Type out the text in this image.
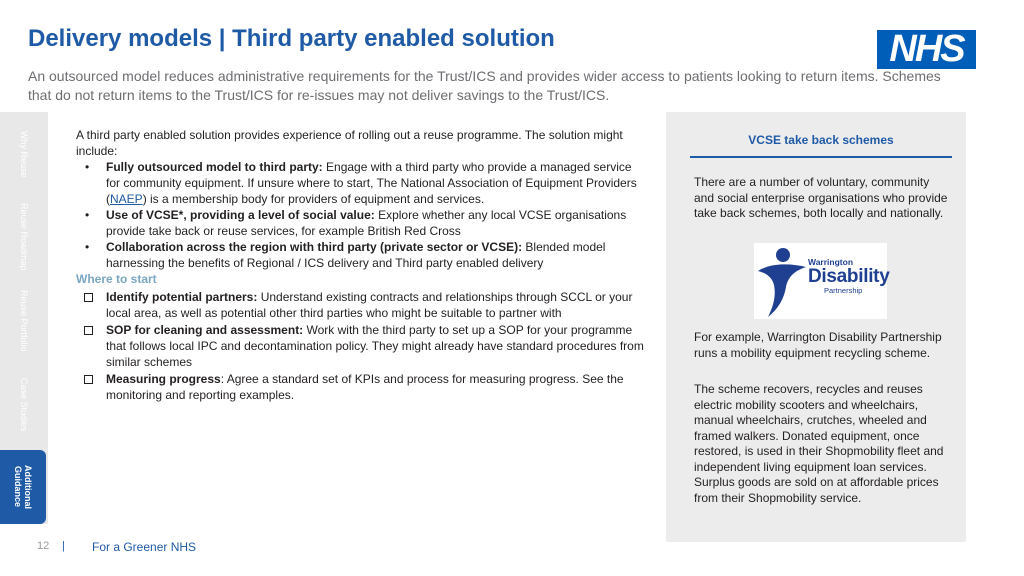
Delivery models | Third party enabled solution	NHS
An outsourced model reduces administrative requirements for the Trust/ICS and provides wider access to patients looking to return items. Schemes that do not return items to the Trust/ICS for re-issues may not deliver savings to the Trust/ICS.
Why Reuse
Reuse Roadmap
Reuse Portfolio
Case Studies
Additional Guidance

A third party enabled solution provides experience of rolling out a reuse programme. The solution might include:

• Fully outsourced model to third party: Engage with a third party who provide a managed service for community equipment. If unsure where to start, The National Association of Equipment Providers (NAEP) is a membership body for providers of equipment and services.
• Use of VCSE*, providing a level of social value: Explore whether any local VCSE organisations provide take back or reuse services, for example British Red Cross
• Collaboration across the region with third party (private sector or VCSE): Blended model harnessing the benefits of Regional / ICS delivery and Third party enabled delivery

Where to start

Identify potential partners: Understand existing contracts and relationships through SCCL or your local area, as well as potential other third parties who might be suitable to partner with
SOP for cleaning and assessment: Work with the third party to set up a SOP for your programme that follows local IPC and decontamination policy. They might already have standard procedures from similar schemes
Measuring progress: Agree a standard set of KPIs and process for measuring progress. See the monitoring and reporting examples.
VCSE take back schemes
There are a number of voluntary, community and social enterprise organisations who provide take back schemes, both locally and nationally.
Warrington
Disability
Partnership
For example, Warrington Disability Partnership runs a mobility equipment recycling scheme.
The scheme recovers, recycles and reuses electric mobility scooters and wheelchairs, manual wheelchairs, crutches, wheeled and framed walkers. Donated equipment, once restored, is used in their Shopmobility fleet and independent living equipment loan services. Surplus goods are sold on at affordable prices from their Shopmobility service.
12 | For a Greener NHS
